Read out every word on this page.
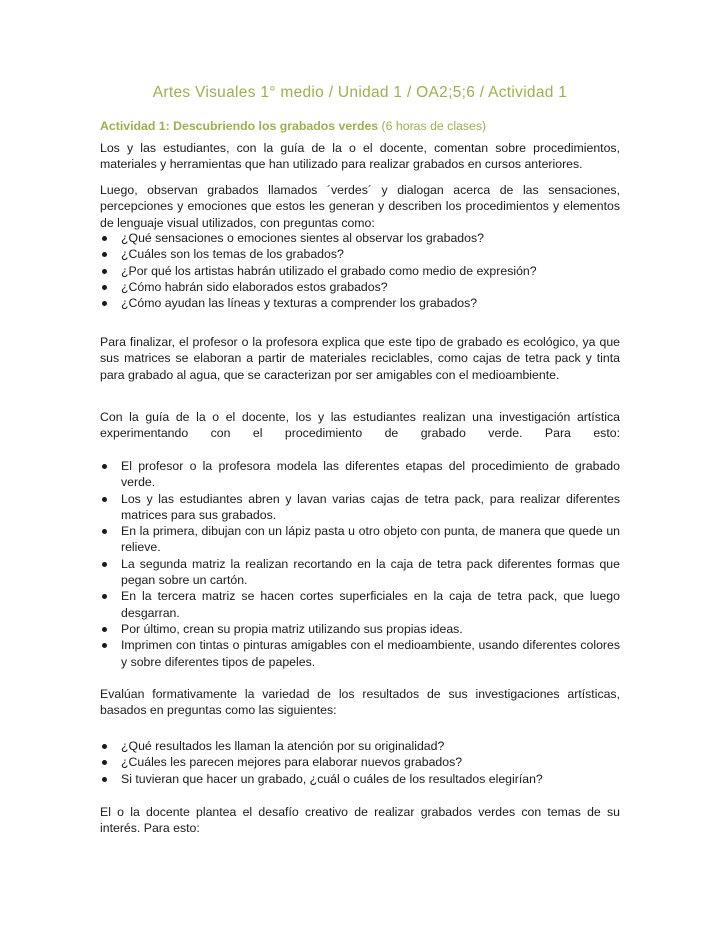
Artes Visuales 1° medio / Unidad 1 / OA2;5;6 / Actividad 1

Actividad 1: Descubriendo los grabados verdes (6 horas de clases)

Los y las estudiantes, con la guía de la o el docente, comentan sobre procedimientos, materiales y herramientas que han utilizado para realizar grabados en cursos anteriores.

Luego, observan grabados llamados ´verdes´ y dialogan acerca de las sensaciones, percepciones y emociones que estos les generan y describen los procedimientos y elementos de lenguaje visual utilizados, con preguntas como:

¿Qué sensaciones o emociones sientes al observar los grabados?
¿Cuáles son los temas de los grabados?
¿Por qué los artistas habrán utilizado el grabado como medio de expresión?
¿Cómo habrán sido elaborados estos grabados?
¿Cómo ayudan las líneas y texturas a comprender los grabados?

Para finalizar, el profesor o la profesora explica que este tipo de grabado es ecológico, ya que sus matrices se elaboran a partir de materiales reciclables, como cajas de tetra pack y tinta para grabado al agua, que se caracterizan por ser amigables con el medioambiente.

Con la guía de la o el docente, los y las estudiantes realizan una investigación artística experimentando con el procedimiento de grabado verde. Para esto:

El profesor o la profesora modela las diferentes etapas del procedimiento de grabado verde.
Los y las estudiantes abren y lavan varias cajas de tetra pack, para realizar diferentes matrices para sus grabados.
En la primera, dibujan con un lápiz pasta u otro objeto con punta, de manera que quede un relieve.
La segunda matriz la realizan recortando en la caja de tetra pack diferentes formas que pegan sobre un cartón.
En la tercera matriz se hacen cortes superficiales en la caja de tetra pack, que luego desgarran.
Por último, crean su propia matriz utilizando sus propias ideas.
Imprimen con tintas o pinturas amigables con el medioambiente, usando diferentes colores y sobre diferentes tipos de papeles.

Evalúan formativamente la variedad de los resultados de sus investigaciones artísticas, basados en preguntas como las siguientes:

¿Qué resultados les llaman la atención por su originalidad?
¿Cuáles les parecen mejores para elaborar nuevos grabados?
Si tuvieran que hacer un grabado, ¿cuál o cuáles de los resultados elegirían?

El o la docente plantea el desafío creativo de realizar grabados verdes con temas de su interés. Para esto:
